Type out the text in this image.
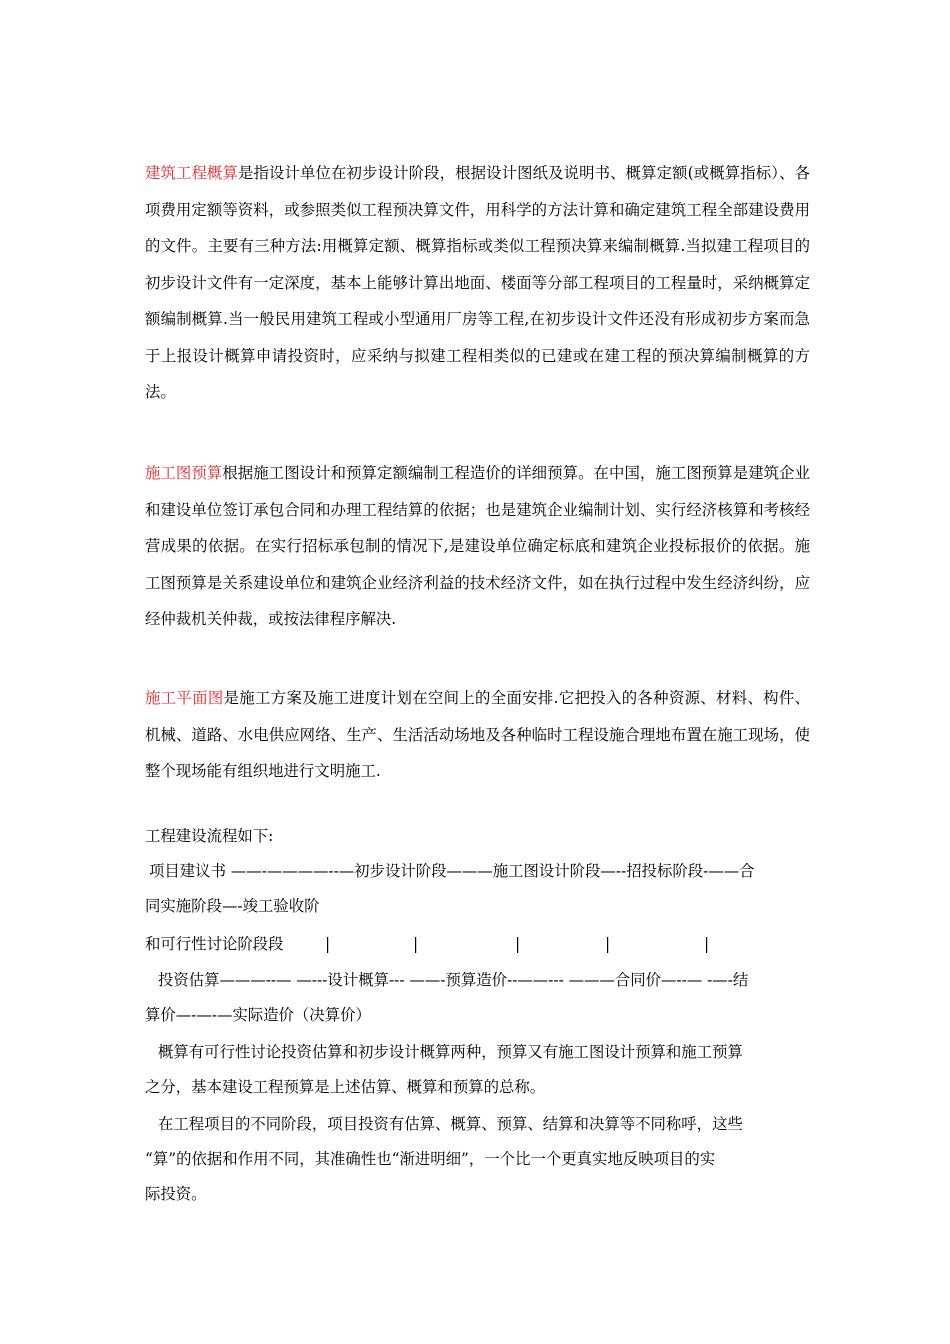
建筑工程概算是指设计单位在初步设计阶段，根据设计图纸及说明书、概算定额(或概算指标）、各项费用定额等资料，或参照类似工程预决算文件，用科学的方法计算和确定建筑工程全部建设费用的文件。主要有三种方法:用概算定额、概算指标或类似工程预决算来编制概算.当拟建工程项目的初步设计文件有一定深度，基本上能够计算出地面、楼面等分部工程项目的工程量时，采纳概算定额编制概算.当一般民用建筑工程或小型通用厂房等工程,在初步设计文件还没有形成初步方案而急于上报设计概算申请投资时，应采纳与拟建工程相类似的已建或在建工程的预决算编制概算的方法。

施工图预算根据施工图设计和预算定额编制工程造价的详细预算。在中国，施工图预算是建筑企业和建设单位签订承包合同和办理工程结算的依据；也是建筑企业编制计划、实行经济核算和考核经营成果的依据。在实行招标承包制的情况下,是建设单位确定标底和建筑企业投标报价的依据。施工图预算是关系建设单位和建筑企业经济利益的技术经济文件，如在执行过程中发生经济纠纷，应经仲裁机关仲裁，或按法律程序解决.

施工平面图是施工方案及施工进度计划在空间上的全面安排.它把投入的各种资源、材料、构件、机械、道路、水电供应网络、生产、生活活动场地及各种临时工程设施合理地布置在施工现场，使整个现场能有组织地进行文明施工.

工程建设流程如下:

项目建议书 ——-————--—初步设计阶段———施工图设计阶段—--招投标阶段-——合

同实施阶段—-竣工验收阶

和可行性讨论阶段段	|	|	|	|	|

投资估算———--— —---设计概算--- ——-预算造价--——--- ———合同价—--— -—-结

算价—-—-—实际造价（决算价）

概算有可行性讨论投资估算和初步设计概算两种，预算又有施工图设计预算和施工预算

之分，基本建设工程预算是上述估算、概算和预算的总称。

在工程项目的不同阶段，项目投资有估算、概算、预算、结算和决算等不同称呼，这些

“算”的依据和作用不同，其准确性也“渐进明细”，一个比一个更真实地反映项目的实

际投资。
